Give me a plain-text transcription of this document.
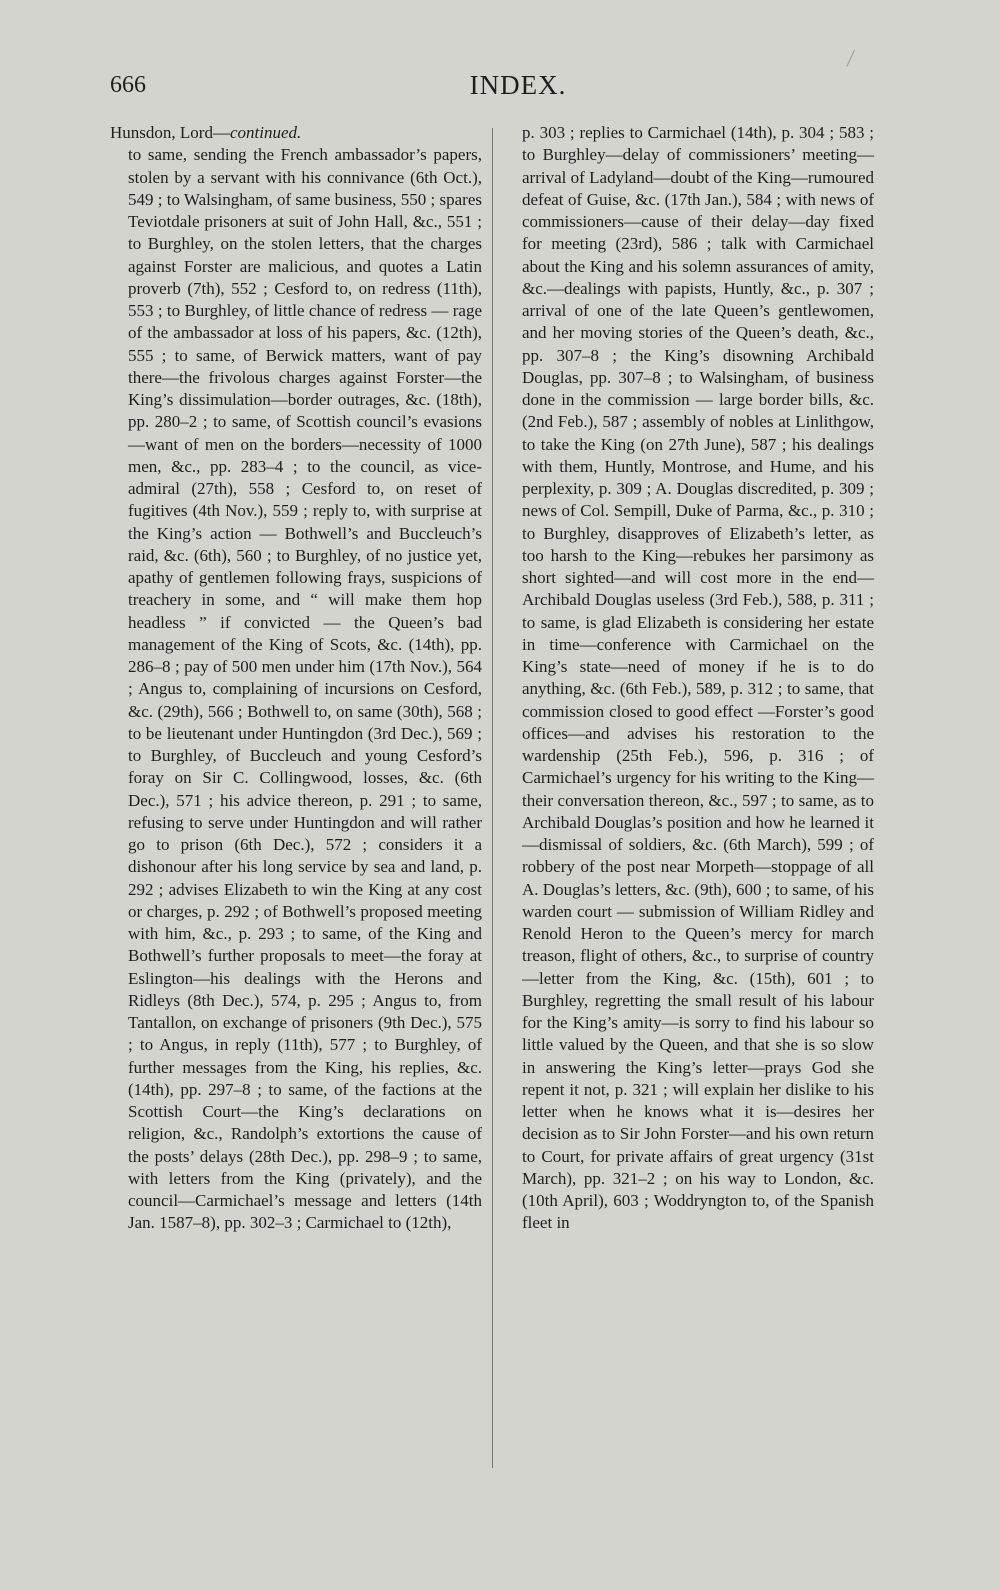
666	INDEX.

Hunsdon, Lord—continued.

to same, sending the French ambassador’s papers, stolen by a servant with his connivance (6th Oct.), 549 ; to Walsingham, of same business, 550 ; spares Teviotdale prisoners at suit of John Hall, &c., 551 ; to Burghley, on the stolen letters, that the charges against Forster are malicious, and quotes a Latin proverb (7th), 552 ; Cesford to, on redress (11th), 553 ; to Burghley, of little chance of redress — rage of the ambassador at loss of his papers, &c. (12th), 555 ; to same, of Berwick matters, want of pay there—the frivolous charges against Forster—the King’s dissimulation—border outrages, &c. (18th), pp. 280–2 ; to same, of Scottish council’s evasions—want of men on the borders—necessity of 1000 men, &c., pp. 283–4 ; to the council, as vice-admiral (27th), 558 ; Cesford to, on reset of fugitives (4th Nov.), 559 ; reply to, with surprise at the King’s action — Bothwell’s and Buccleuch’s raid, &c. (6th), 560 ; to Burghley, of no justice yet, apathy of gentlemen following frays, suspicions of treachery in some, and “ will make them hop headless ” if convicted — the Queen’s bad management of the King of Scots, &c. (14th), pp. 286–8 ; pay of 500 men under him (17th Nov.), 564 ; Angus to, complaining of incursions on Cesford, &c. (29th), 566 ; Bothwell to, on same (30th), 568 ; to be lieutenant under Huntingdon (3rd Dec.), 569 ; to Burghley, of Buccleuch and young Cesford’s foray on Sir C. Collingwood, losses, &c. (6th Dec.), 571 ; his advice thereon, p. 291 ; to same, refusing to serve under Huntingdon and will rather go to prison (6th Dec.), 572 ; considers it a dishonour after his long service by sea and land, p. 292 ; advises Elizabeth to win the King at any cost or charges, p. 292 ; of Bothwell’s proposed meeting with him, &c., p. 293 ; to same, of the King and Bothwell’s further proposals to meet—the foray at Eslington—his dealings with the Herons and Ridleys (8th Dec.), 574, p. 295 ; Angus to, from Tantallon, on exchange of prisoners (9th Dec.), 575 ; to Angus, in reply (11th), 577 ; to Burghley, of further messages from the King, his replies, &c. (14th), pp. 297–8 ; to same, of the factions at the Scottish Court—the King’s declarations on religion, &c., Randolph’s extortions the cause of the posts’ delays (28th Dec.), pp. 298–9 ; to same, with letters from the King (privately), and the council—Carmichael’s message and letters (14th Jan. 1587–8), pp. 302–3 ; Carmichael to (12th),

p. 303 ; replies to Carmichael (14th), p. 304 ; 583 ; to Burghley—delay of commissioners’ meeting—arrival of Ladyland—doubt of the King—rumoured defeat of Guise, &c. (17th Jan.), 584 ; with news of commissioners—cause of their delay—day fixed for meeting (23rd), 586 ; talk with Carmichael about the King and his solemn assurances of amity, &c.—dealings with papists, Huntly, &c., p. 307 ; arrival of one of the late Queen’s gentlewomen, and her moving stories of the Queen’s death, &c., pp. 307–8 ; the King’s disowning Archibald Douglas, pp. 307–8 ; to Walsingham, of business done in the commission — large border bills, &c. (2nd Feb.), 587 ; assembly of nobles at Linlithgow, to take the King (on 27th June), 587 ; his dealings with them, Huntly, Montrose, and Hume, and his perplexity, p. 309 ; A. Douglas discredited, p. 309 ; news of Col. Sempill, Duke of Parma, &c., p. 310 ; to Burghley, disapproves of Elizabeth’s letter, as too harsh to the King—rebukes her parsimony as short sighted—and will cost more in the end—Archibald Douglas useless (3rd Feb.), 588, p. 311 ; to same, is glad Elizabeth is considering her estate in time—conference with Carmichael on the King’s state—need of money if he is to do anything, &c. (6th Feb.), 589, p. 312 ; to same, that commission closed to good effect —Forster’s good offices—and advises his restoration to the wardenship (25th Feb.), 596, p. 316 ; of Carmichael’s urgency for his writing to the King—their conversation thereon, &c., 597 ; to same, as to Archibald Douglas’s position and how he learned it—dismissal of soldiers, &c. (6th March), 599 ; of robbery of the post near Morpeth—stoppage of all A. Douglas’s letters, &c. (9th), 600 ; to same, of his warden court — submission of William Ridley and Renold Heron to the Queen’s mercy for march treason, flight of others, &c., to surprise of country—letter from the King, &c. (15th), 601 ; to Burghley, regretting the small result of his labour for the King’s amity—is sorry to find his labour so little valued by the Queen, and that she is so slow in answering the King’s letter—prays God she repent it not, p. 321 ; will explain her dislike to his letter when he knows what it is—desires her decision as to Sir John Forster—and his own return to Court, for private affairs of great urgency (31st March), pp. 321–2 ; on his way to London, &c. (10th April), 603 ; Woddryngton to, of the Spanish fleet in
